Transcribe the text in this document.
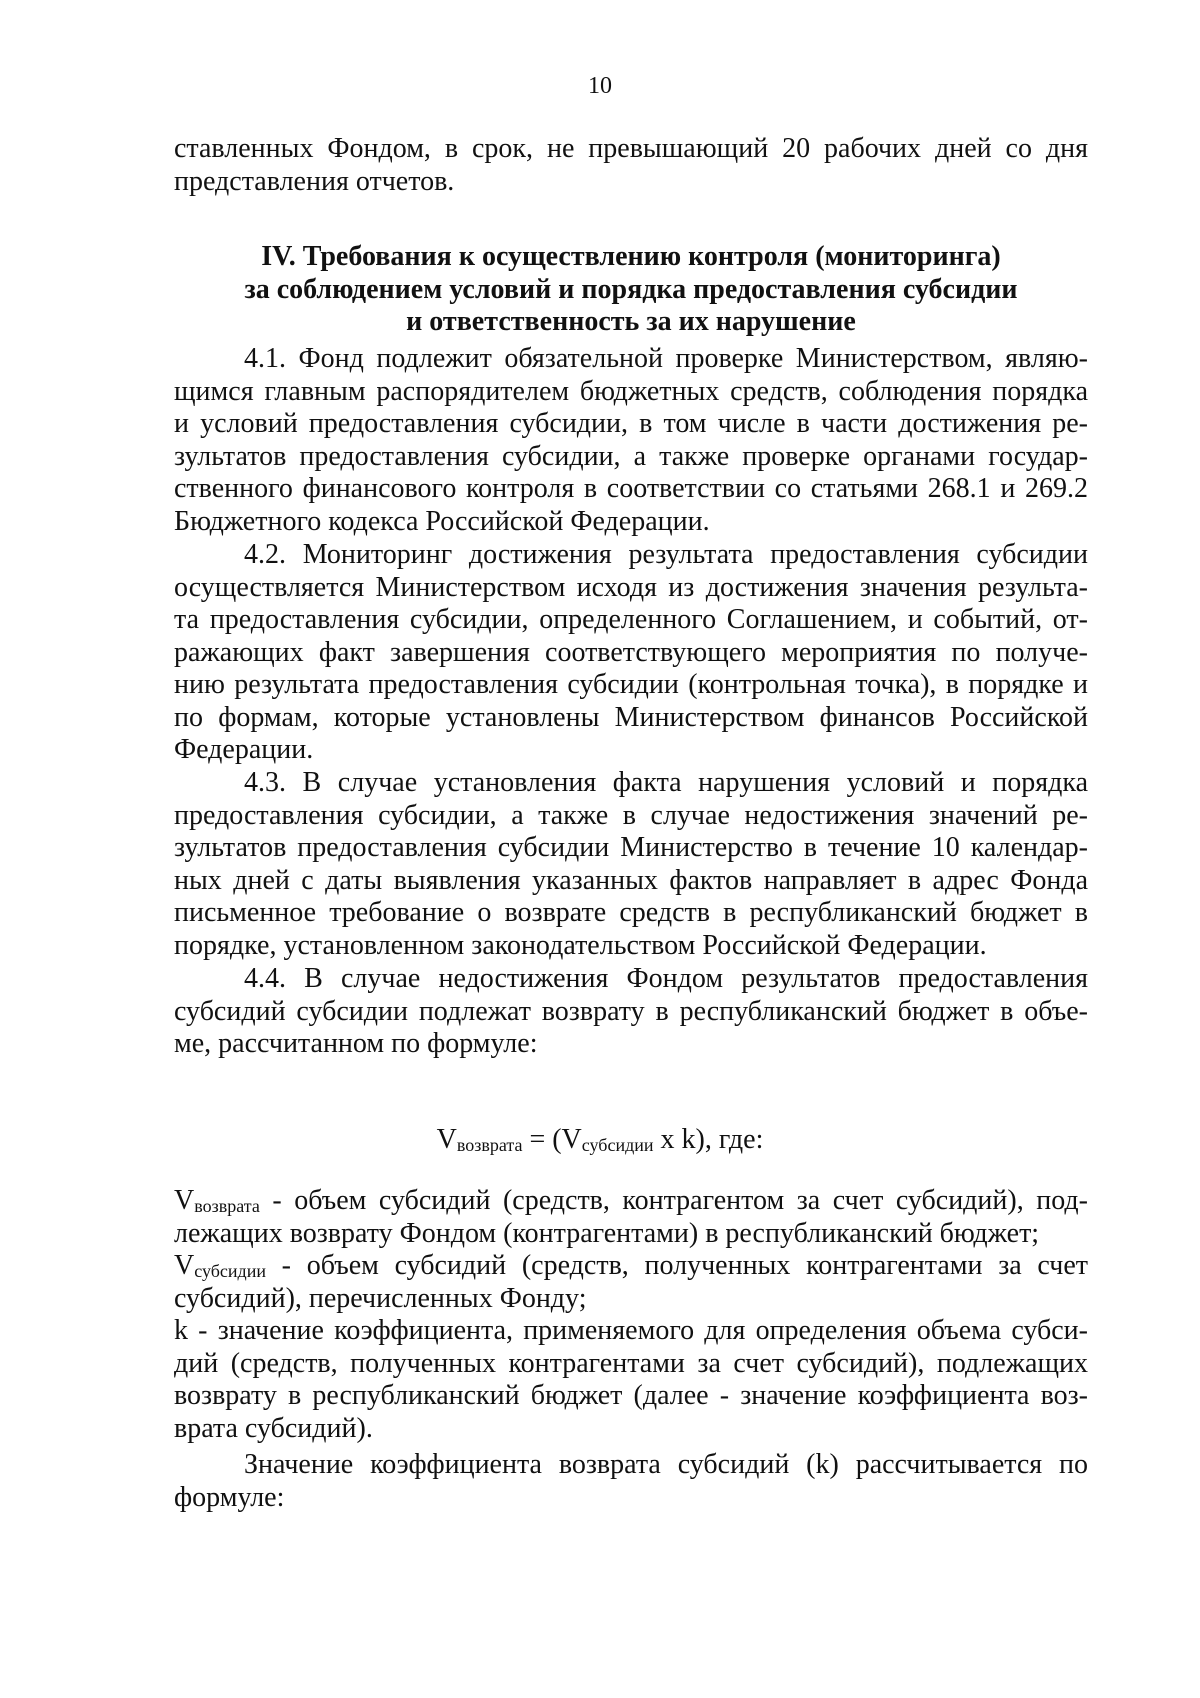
10
ставленных Фондом, в срок, не превышающий 20 рабочих дней со дня
представления отчетов.
IV. Требования к осуществлению контроля (мониторинга)
за соблюдением условий и порядка предоставления субсидии
и ответственность за их нарушение
4.1. Фонд подлежит обязательной проверке Министерством, являю-
щимся главным распорядителем бюджетных средств, соблюдения порядка
и условий предоставления субсидии, в том числе в части достижения ре-
зультатов предоставления субсидии, а также проверке органами государ-
ственного финансового контроля в соответствии со статьями 268.1 и 269.2
Бюджетного кодекса Российской Федерации.
4.2. Мониторинг достижения результата предоставления субсидии
осуществляется Министерством исходя из достижения значения результа-
та предоставления субсидии, определенного Соглашением, и событий, от-
ражающих факт завершения соответствующего мероприятия по получе-
нию результата предоставления субсидии (контрольная точка), в порядке и
по формам, которые установлены Министерством финансов Российской
Федерации.
4.3. В случае установления факта нарушения условий и порядка
предоставления субсидии, а также в случае недостижения значений ре-
зультатов предоставления субсидии Министерство в течение 10 календар-
ных дней с даты выявления указанных фактов направляет в адрес Фонда
письменное требование о возврате средств в республиканский бюджет в
порядке, установленном законодательством Российской Федерации.
4.4. В случае недостижения Фондом результатов предоставления
субсидий субсидии подлежат возврату в республиканский бюджет в объе-
ме, рассчитанном по формуле:
$V_{возврата} = (V_{субсидии}$ x k), где:
$V_{возврата}$ - объем субсидий (средств, контрагентом за счет субсидий), под-
лежащих возврату Фондом (контрагентами) в республиканский бюджет;
$V_{субсидии}$ - объем субсидий (средств, полученных контрагентами за счет
субсидий), перечисленных Фонду;
k - значение коэффициента, применяемого для определения объема субси-
дий (средств, полученных контрагентами за счет субсидий), подлежащих
возврату в республиканский бюджет (далее - значение коэффициента воз-
врата субсидий).
Значение коэффициента возврата субсидий (k) рассчитывается по
формуле:
